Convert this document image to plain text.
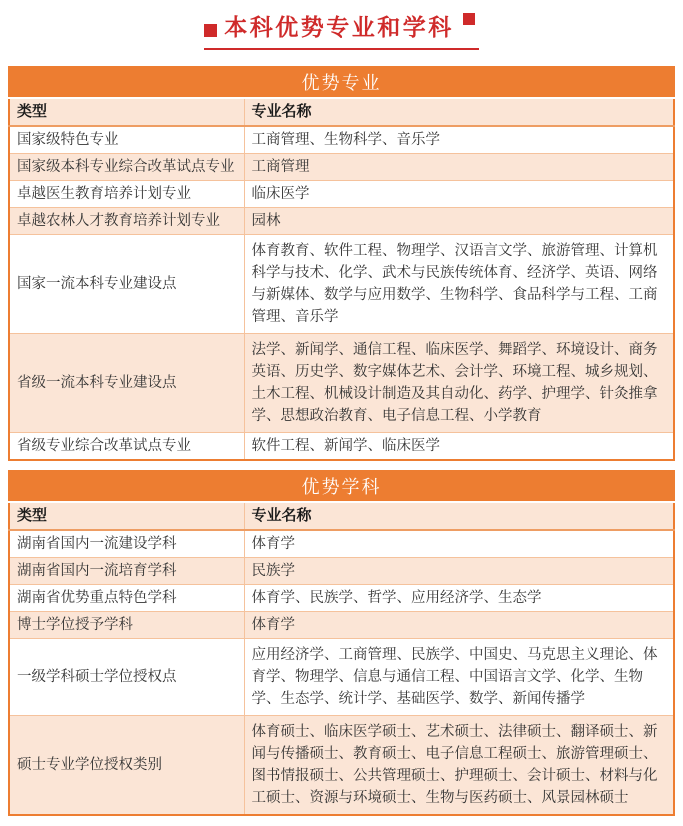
本科优势专业和学科
优势专业	
类型	专业名称
国家级特色专业	工商管理、生物科学、音乐学
国家级本科专业综合改革试点专业	工商管理
卓越医生教育培养计划专业	临床医学
卓越农林人才教育培养计划专业	园林
国家一流本科专业建设点	体育教育、软件工程、物理学、汉语言文学、旅游管理、计算机科学与技术、化学、武术与民族传统体育、经济学、英语、网络与新媒体、数学与应用数学、生物科学、食品科学与工程、工商管理、音乐学
省级一流本科专业建设点	法学、新闻学、通信工程、临床医学、舞蹈学、环境设计、商务英语、历史学、数字媒体艺术、会计学、环境工程、城乡规划、土木工程、机械设计制造及其自动化、药学、护理学、针灸推拿学、思想政治教育、电子信息工程、小学教育
省级专业综合改革试点专业	软件工程、新闻学、临床医学
优势学科	
类型	专业名称
湖南省国内一流建设学科	体育学
湖南省国内一流培育学科	民族学
湖南省优势重点特色学科	体育学、民族学、哲学、应用经济学、生态学
博士学位授予学科	体育学
一级学科硕士学位授权点	应用经济学、工商管理、民族学、中国史、马克思主义理论、体育学、物理学、信息与通信工程、中国语言文学、化学、生物学、生态学、统计学、基础医学、数学、新闻传播学
硕士专业学位授权类别	体育硕士、临床医学硕士、艺术硕士、法律硕士、翻译硕士、新闻与传播硕士、教育硕士、电子信息工程硕士、旅游管理硕士、图书情报硕士、公共管理硕士、护理硕士、会计硕士、材料与化工硕士、资源与环境硕士、生物与医药硕士、风景园林硕士
